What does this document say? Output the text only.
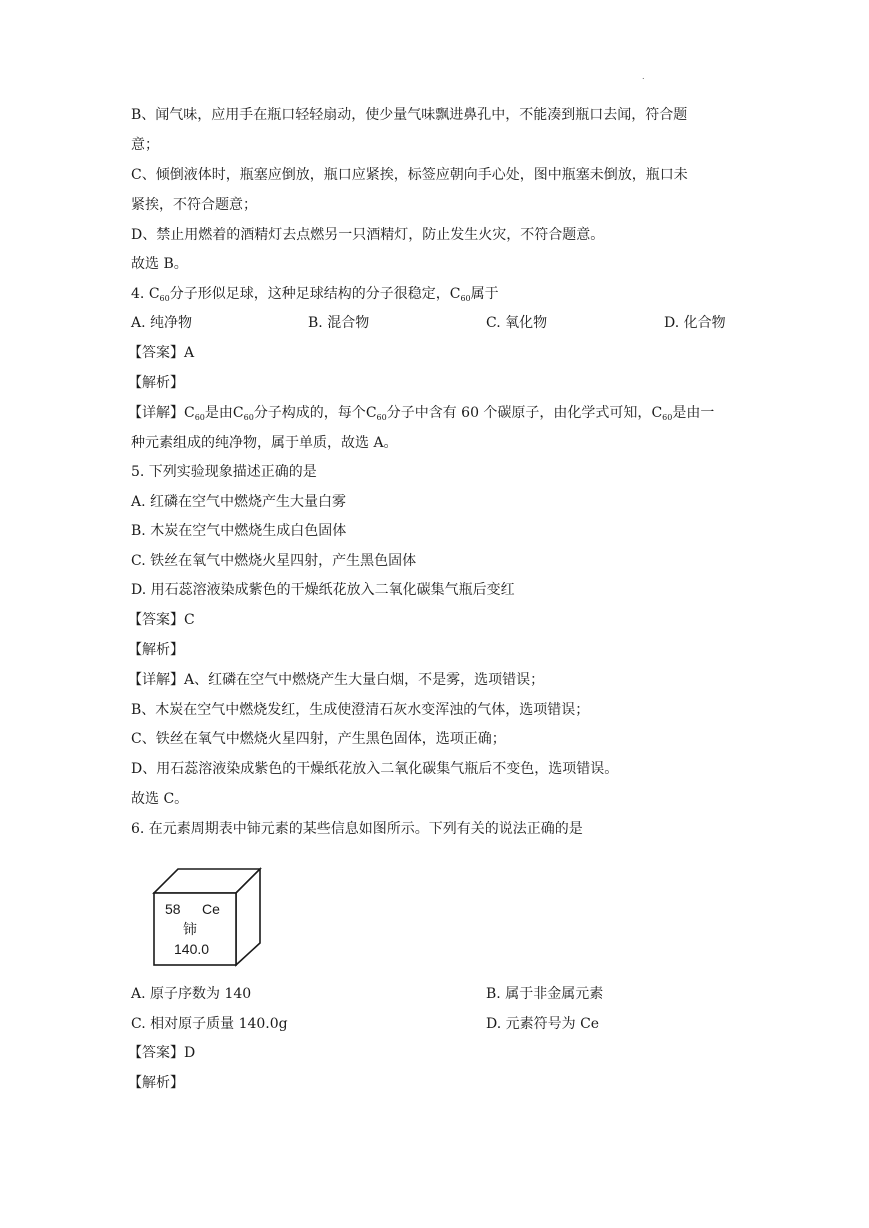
.
B、闻气味，应用手在瓶口轻轻扇动，使少量气味飘进鼻孔中，不能凑到瓶口去闻，符合题
意；
C、倾倒液体时，瓶塞应倒放，瓶口应紧挨，标签应朝向手心处，图中瓶塞未倒放，瓶口未
紧挨，不符合题意；
D、禁止用燃着的酒精灯去点燃另一只酒精灯，防止发生火灾，不符合题意。
故选 B。
4. $C_{60}$分子形似足球，这种足球结构的分子很稳定，$C_{60}$属于
A. 纯净物	B. 混合物	C. 氧化物	D. 化合物
【答案】A
【解析】
【详解】$C_{60}$是由$C_{60}$分子构成的，每个$C_{60}$分子中含有 60 个碳原子，由化学式可知，$C_{60}$是由一
种元素组成的纯净物，属于单质，故选 A。
5. 下列实验现象描述正确的是
A. 红磷在空气中燃烧产生大量白雾
B. 木炭在空气中燃烧生成白色固体
C. 铁丝在氧气中燃烧火星四射，产生黑色固体
D. 用石蕊溶液染成紫色的干燥纸花放入二氧化碳集气瓶后变红
【答案】C
【解析】
【详解】A、红磷在空气中燃烧产生大量白烟，不是雾，选项错误；
B、木炭在空气中燃烧发红，生成使澄清石灰水变浑浊的气体，选项错误；
C、铁丝在氧气中燃烧火星四射，产生黑色固体，选项正确；
D、用石蕊溶液染成紫色的干燥纸花放入二氧化碳集气瓶后不变色，选项错误。
故选 C。
6. 在元素周期表中铈元素的某些信息如图所示。下列有关的说法正确的是
58 Ce
铈
140.0
A. 原子序数为 140	B. 属于非金属元素
C. 相对原子质量 140.0g	D. 元素符号为 Ce
【答案】D
【解析】
